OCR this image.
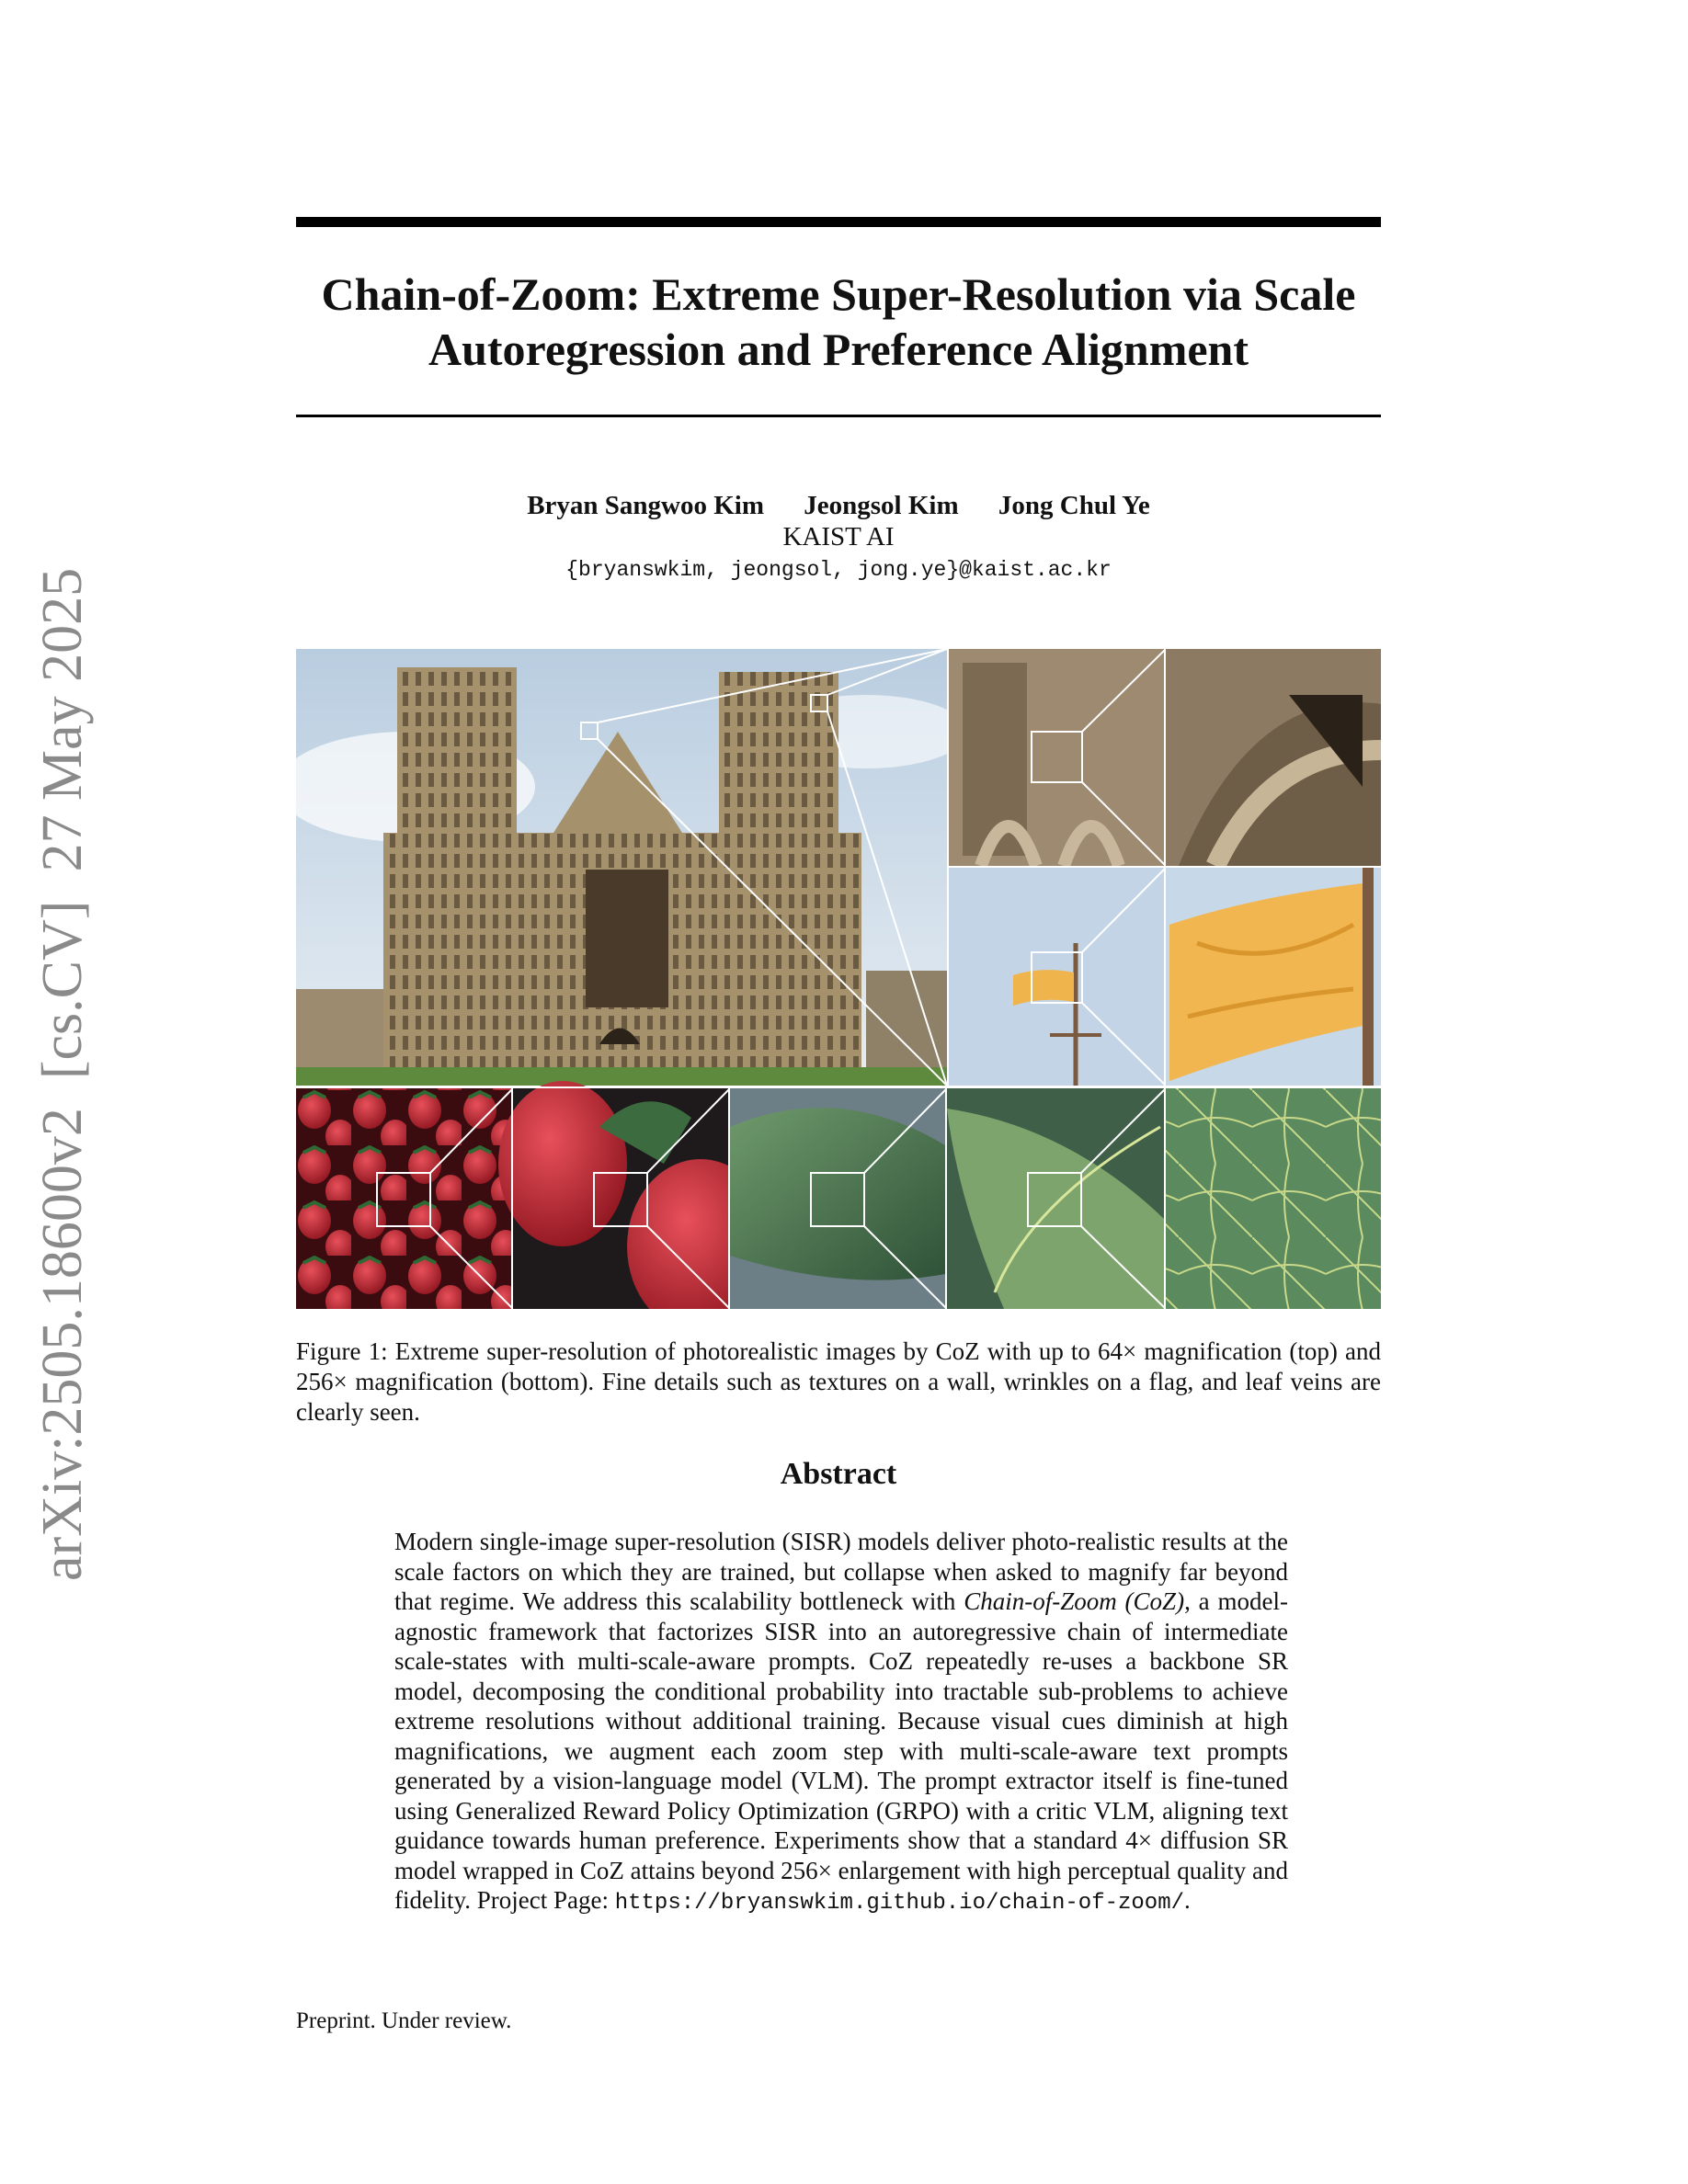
arXiv:2505.18600v2  [cs.CV]  27 May 2025
Chain-of-Zoom: Extreme Super-Resolution via Scale
Autoregression and Preference Alignment
Bryan Sangwoo Kim Jeongsol Kim Jong Chul Ye
KAIST AI
{bryanswkim, jeongsol, jong.ye}@kaist.ac.kr
Figure 1: Extreme super-resolution of photorealistic images by CoZ with up to 64× magnification (top) and 256× magnification (bottom). Fine details such as textures on a wall, wrinkles on a flag, and leaf veins are clearly seen.
Abstract
Modern single-image super-resolution (SISR) models deliver photo-realistic results at the scale factors on which they are trained, but collapse when asked to magnify far beyond that regime. We address this scalability bottleneck with Chain-of-Zoom (CoZ), a model-agnostic framework that factorizes SISR into an autoregressive chain of intermediate scale-states with multi-scale-aware prompts. CoZ repeatedly re-uses a backbone SR model, decomposing the conditional probability into tractable sub-problems to achieve extreme resolutions without additional training. Because visual cues diminish at high magnifications, we augment each zoom step with multi-scale-aware text prompts generated by a vision-language model (VLM). The prompt extractor itself is fine-tuned using Generalized Reward Policy Optimization (GRPO) with a critic VLM, aligning text guidance towards human preference. Experiments show that a standard 4× diffusion SR model wrapped in CoZ attains beyond 256× enlargement with high perceptual quality and fidelity. Project Page: https://bryanswkim.github.io/chain-of-zoom/.
Preprint. Under review.
